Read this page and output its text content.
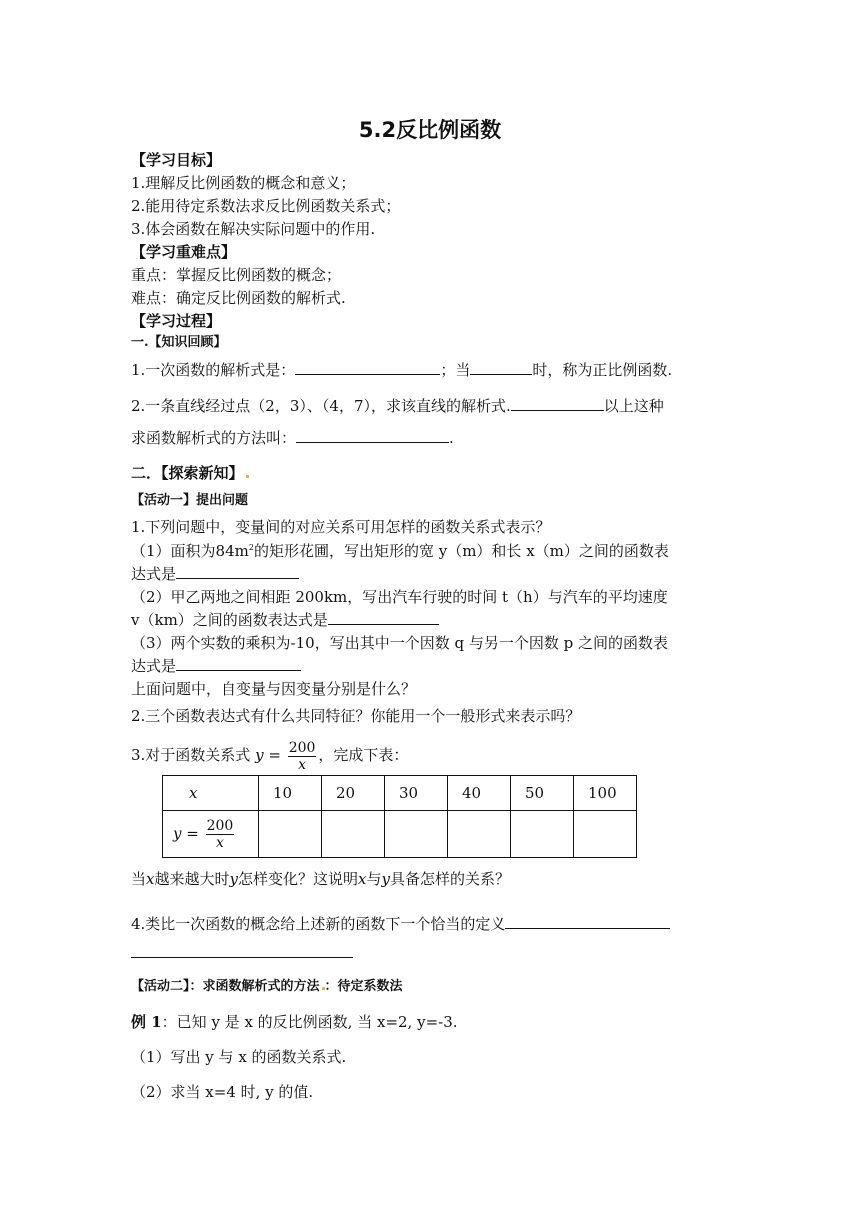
5.2反比例函数
【学习目标】
1.理解反比例函数的概念和意义；
2.能用待定系数法求反比例函数关系式；
3.体会函数在解决实际问题中的作用.
【学习重难点】
重点：掌握反比例函数的概念；
难点：确定反比例函数的解析式.
【学习过程】
一.【知识回顾】
1.一次函数的解析式是：	；当	时，称为正比例函数.
2.一条直线经过点（2，3）、（4，7），求该直线的解析式.	以上这种
求函数解析式的方法叫：	.
二．【探索新知】
【活动一】提出问题
1.下列问题中，变量间的对应关系可用怎样的函数关系式表示？
（1）面积为$84m^2$的矩形花圃，写出矩形的宽 y（m）和长 x（m）之间的函数表
达式是
（2）甲乙两地之间相距 200km，写出汽车行驶的时间 t（h）与汽车的平均速度
v（km）之间的函数表达式是
（3）两个实数的乘积为-10，写出其中一个因数 q 与另一个因数 p 之间的函数表
达式是
上面问题中，自变量与因变量分别是什么？
2.三个函数表达式有什么共同特征？你能用一个一般形式来表示吗？
3.对于函数关系式 $y = \frac{200}{x}$ ，完成下表：
x	10	20	30	40	50	100
$y = \frac{200}{x}$

当x越来越大时y怎样变化？这说明x与y具备怎样的关系？
4.类比一次函数的概念给上述新的函数下一个恰当的定义
【活动二】：求函数解析式的方法 ：待定系数法
例 1：已知 y 是 x 的反比例函数, 当 x=2, y=-3.
（1）写出 y 与 x 的函数关系式.
（2）求当 x=4 时, y 的值.
